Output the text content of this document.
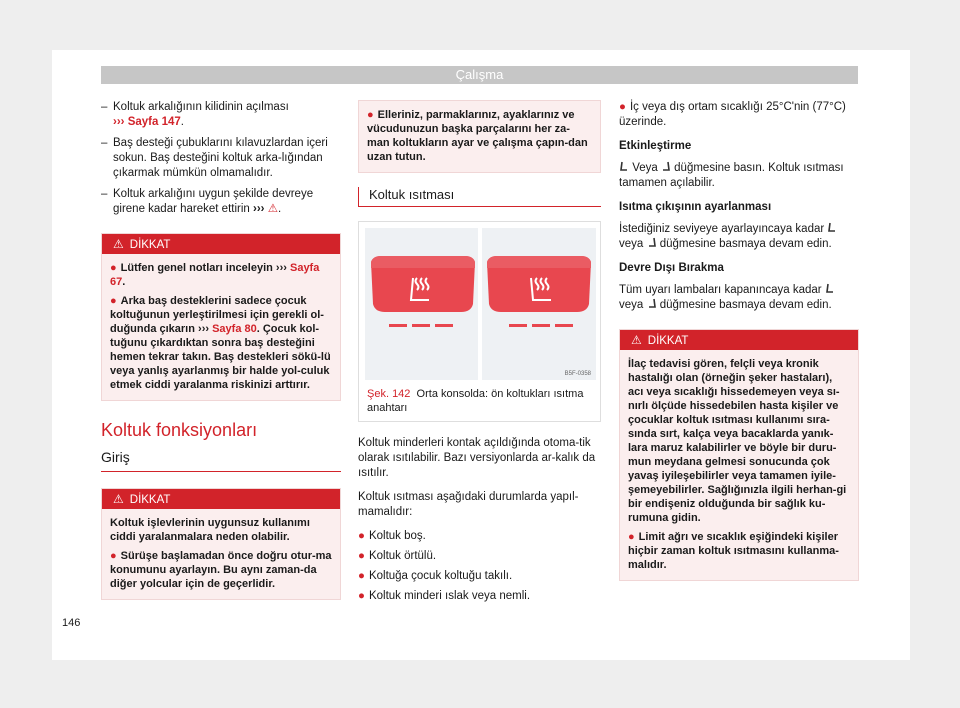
Çalışma
– Koltuk arkalığının kilidinin açılması
››› Sayfa 147.
– Baş desteği çubuklarını kılavuzlardan içeri sokun. Baş desteğini koltuk arka-lığından çıkarmak mümkün olmamalıdır.
– Koltuk arkalığını uygun şekilde devreye girene kadar hareket ettirin ››› ⚠.
⚠ DİKKAT

● Lütfen genel notları inceleyin ››› Sayfa 67.

● Arka baş desteklerini sadece çocuk koltuğunun yerleştirilmesi için gerekli ol-duğunda çıkarın ››› Sayfa 80. Çocuk kol-tuğunu çıkardıktan sonra baş desteğini hemen tekrar takın. Baş destekleri sökü-lü veya yanlış ayarlanmış bir halde yol-culuk etmek ciddi yaralanma riskinizi arttırır.

Koltuk fonksiyonları
Giriş
⚠ DİKKAT

Koltuk işlevlerinin uygunsuz kullanımı ciddi yaralanmalara neden olabilir.

● Sürüşe başlamadan önce doğru otur-ma konumunu ayarlayın. Bu aynı zaman-da diğer yolcular için de geçerlidir.

● Elleriniz, parmaklarınız, ayaklarınız ve vücudunuzun başka parçalarını her za-man koltukların ayar ve çalışma çapın-dan uzan tutun.

Koltuk ısıtması
B5F-0358
Şek. 142 Orta konsolda: ön koltukları ısıtma anahtarı

Koltuk minderleri kontak açıldığında otoma-tik olarak ısıtılabilir. Bazı versiyonlarda ar-kalık da ısıtılır.

Koltuk ısıtması aşağıdaki durumlarda yapıl-mamalıdır:

● Koltuk boş.
● Koltuk örtülü.
● Koltuğa çocuk koltuğu takılı.
● Koltuk minderi ıslak veya nemli.

● İç veya dış ortam sıcaklığı 25°C'nin (77°C) üzerinde.

Etkinleştirme

Veya  düğmesine basın. Koltuk ısıtması tamamen açılabilir.

Isıtma çıkışının ayarlanması

İstediğiniz seviyeye ayarlayıncaya kadar
veya  düğmesine basmaya devam edin.

Devre Dışı Bırakma

Tüm uyarı lambaları kapanıncaya kadar
veya  düğmesine basmaya devam edin.

⚠ DİKKAT

İlaç tedavisi gören, felçli veya kronik hastalığı olan (örneğin şeker hastaları), acı veya sıcaklığı hissedemeyen veya sı-nırlı ölçüde hissedebilen hasta kişiler ve çocuklar koltuk ısıtması kullanımı sıra-sında sırt, kalça veya bacaklarda yanık-lara maruz kalabilirler ve böyle bir duru-mun meydana gelmesi sonucunda çok yavaş iyileşebilirler veya tamamen iyile-şemeyebilirler. Sağlığınızla ilgili herhan-gi bir endişeniz olduğunda bir sağlık ku-rumuna gidin.

● Limit ağrı ve sıcaklık eşiğindeki kişiler hiçbir zaman koltuk ısıtmasını kullanma-malıdır.

146
